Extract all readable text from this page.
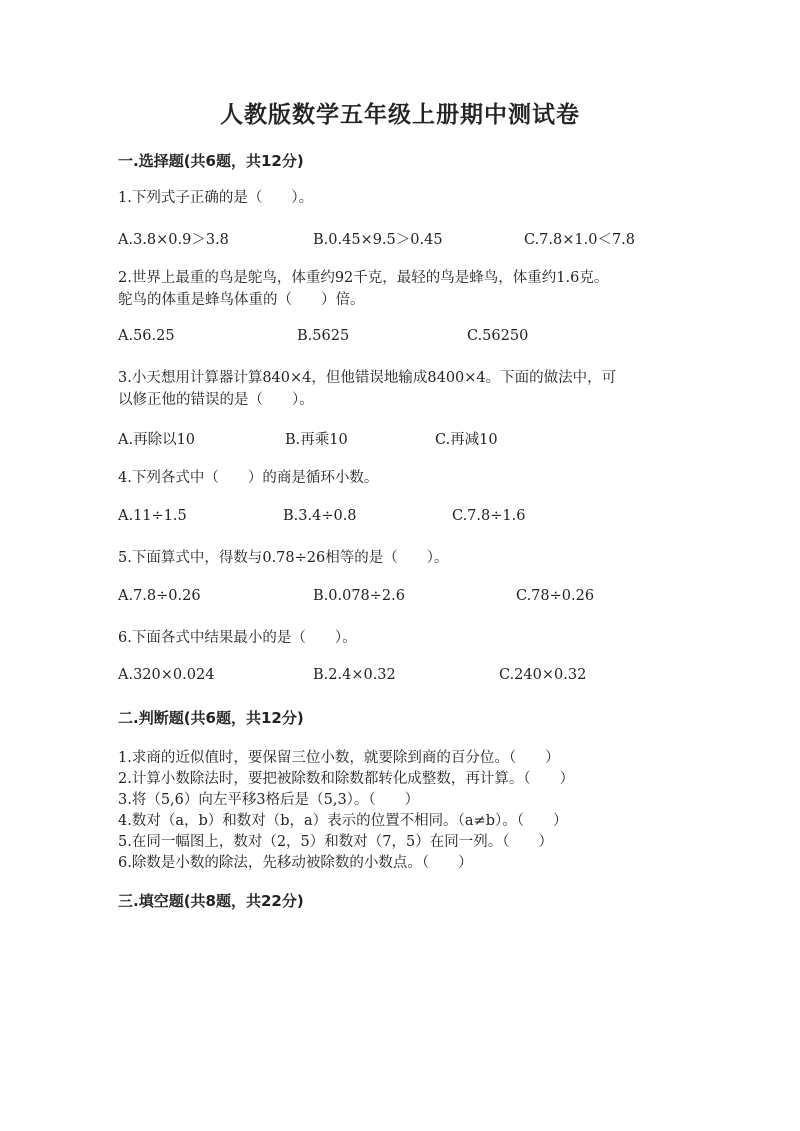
人教版数学五年级上册期中测试卷
一.选择题(共6题，共12分)
1.下列式子正确的是（　　）。
A.3.8×0.9＞3.8	B.0.45×9.5＞0.45	C.7.8×1.0＜7.8
2.世界上最重的鸟是鸵鸟，体重约92千克，最轻的鸟是蜂鸟，体重约1.6克。
鸵鸟的体重是蜂鸟体重的（　　）倍。
A.56.25	B.5625	C.56250
3.小天想用计算器计算840×4，但他错误地输成8400×4。下面的做法中，可
以修正他的错误的是（　　）。
A.再除以10	B.再乘10	C.再减10
4.下列各式中（　　）的商是循环小数。
A.11÷1.5	B.3.4÷0.8	C.7.8÷1.6
5.下面算式中，得数与0.78÷26相等的是（　　）。
A.7.8÷0.26	B.0.078÷2.6	C.78÷0.26
6.下面各式中结果最小的是（　　）。
A.320×0.024	B.2.4×0.32	C.240×0.32
二.判断题(共6题，共12分)
1.求商的近似值时，要保留三位小数，就要除到商的百分位。（　　）
2.计算小数除法时，要把被除数和除数都转化成整数，再计算。（　　）
3.将（5,6）向左平移3格后是（5,3）。（　　）
4.数对（a，b）和数对（b，a）表示的位置不相同。（a≠b）。（　　）
5.在同一幅图上，数对（2，5）和数对（7，5）在同一列。（　　）
6.除数是小数的除法，先移动被除数的小数点。（　　）
三.填空题(共8题，共22分)
